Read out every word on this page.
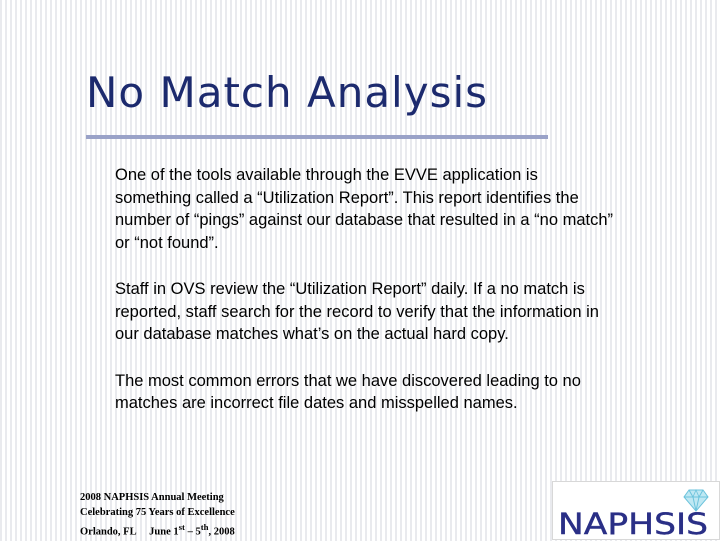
No Match Analysis

One of the tools available through the EVVE application is something called a “Utilization Report”. This report identifies the number of “pings” against our database that resulted in a “no match” or “not found”.

Staff in OVS review the “Utilization Report” daily. If a no match is reported, staff search for the record to verify that the information in our database matches what’s on the actual hard copy.

The most common errors that we have discovered leading to no matches are incorrect file dates and misspelled names.

2008 NAPHSIS Annual Meeting
Celebrating 75 Years of Excellence
Orlando, FL     June 1st – 5th, 2008	NAPHSIS
